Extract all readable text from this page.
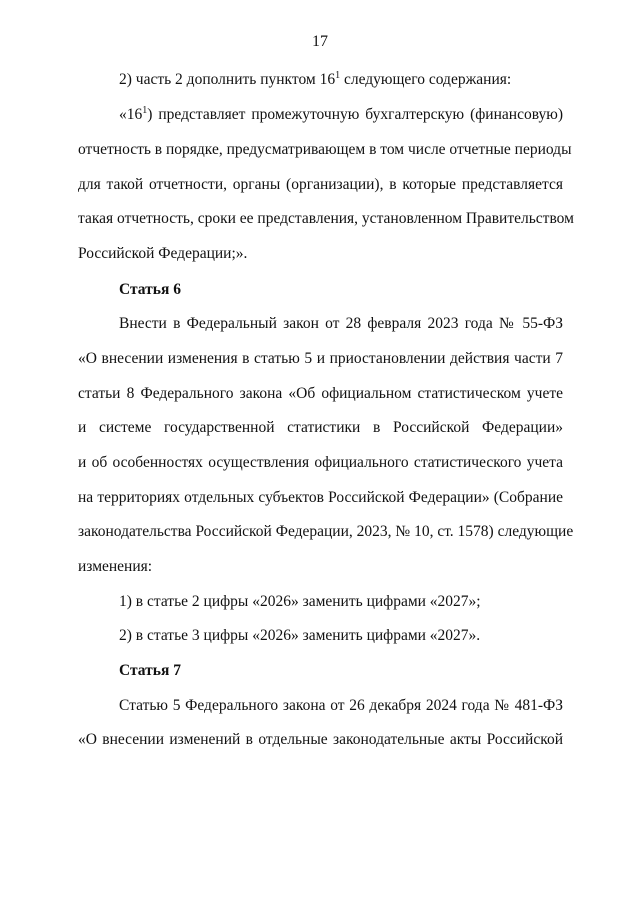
17
2) часть 2 дополнить пунктом $16^1$ следующего содержания:
«$16^1$) представляет промежуточную бухгалтерскую (финансовую)
отчетность в порядке, предусматривающем в том числе отчетные периоды
для такой отчетности, органы (организации), в которые представляется
такая отчетность, сроки ее представления, установленном Правительством
Российской Федерации;».
Статья 6
Внести в Федеральный закон от 28 февраля 2023 года № 55-ФЗ
«О внесении изменения в статью 5 и приостановлении действия части 7
статьи 8 Федерального закона «Об официальном статистическом учете
и системе государственной статистики в Российской Федерации»
и об особенностях осуществления официального статистического учета
на территориях отдельных субъектов Российской Федерации» (Собрание
законодательства Российской Федерации, 2023, № 10, ст. 1578) следующие
изменения:
1) в статье 2 цифры «2026» заменить цифрами «2027»;
2) в статье 3 цифры «2026» заменить цифрами «2027».
Статья 7
Статью 5 Федерального закона от 26 декабря 2024 года № 481-ФЗ
«О внесении изменений в отдельные законодательные акты Российской
